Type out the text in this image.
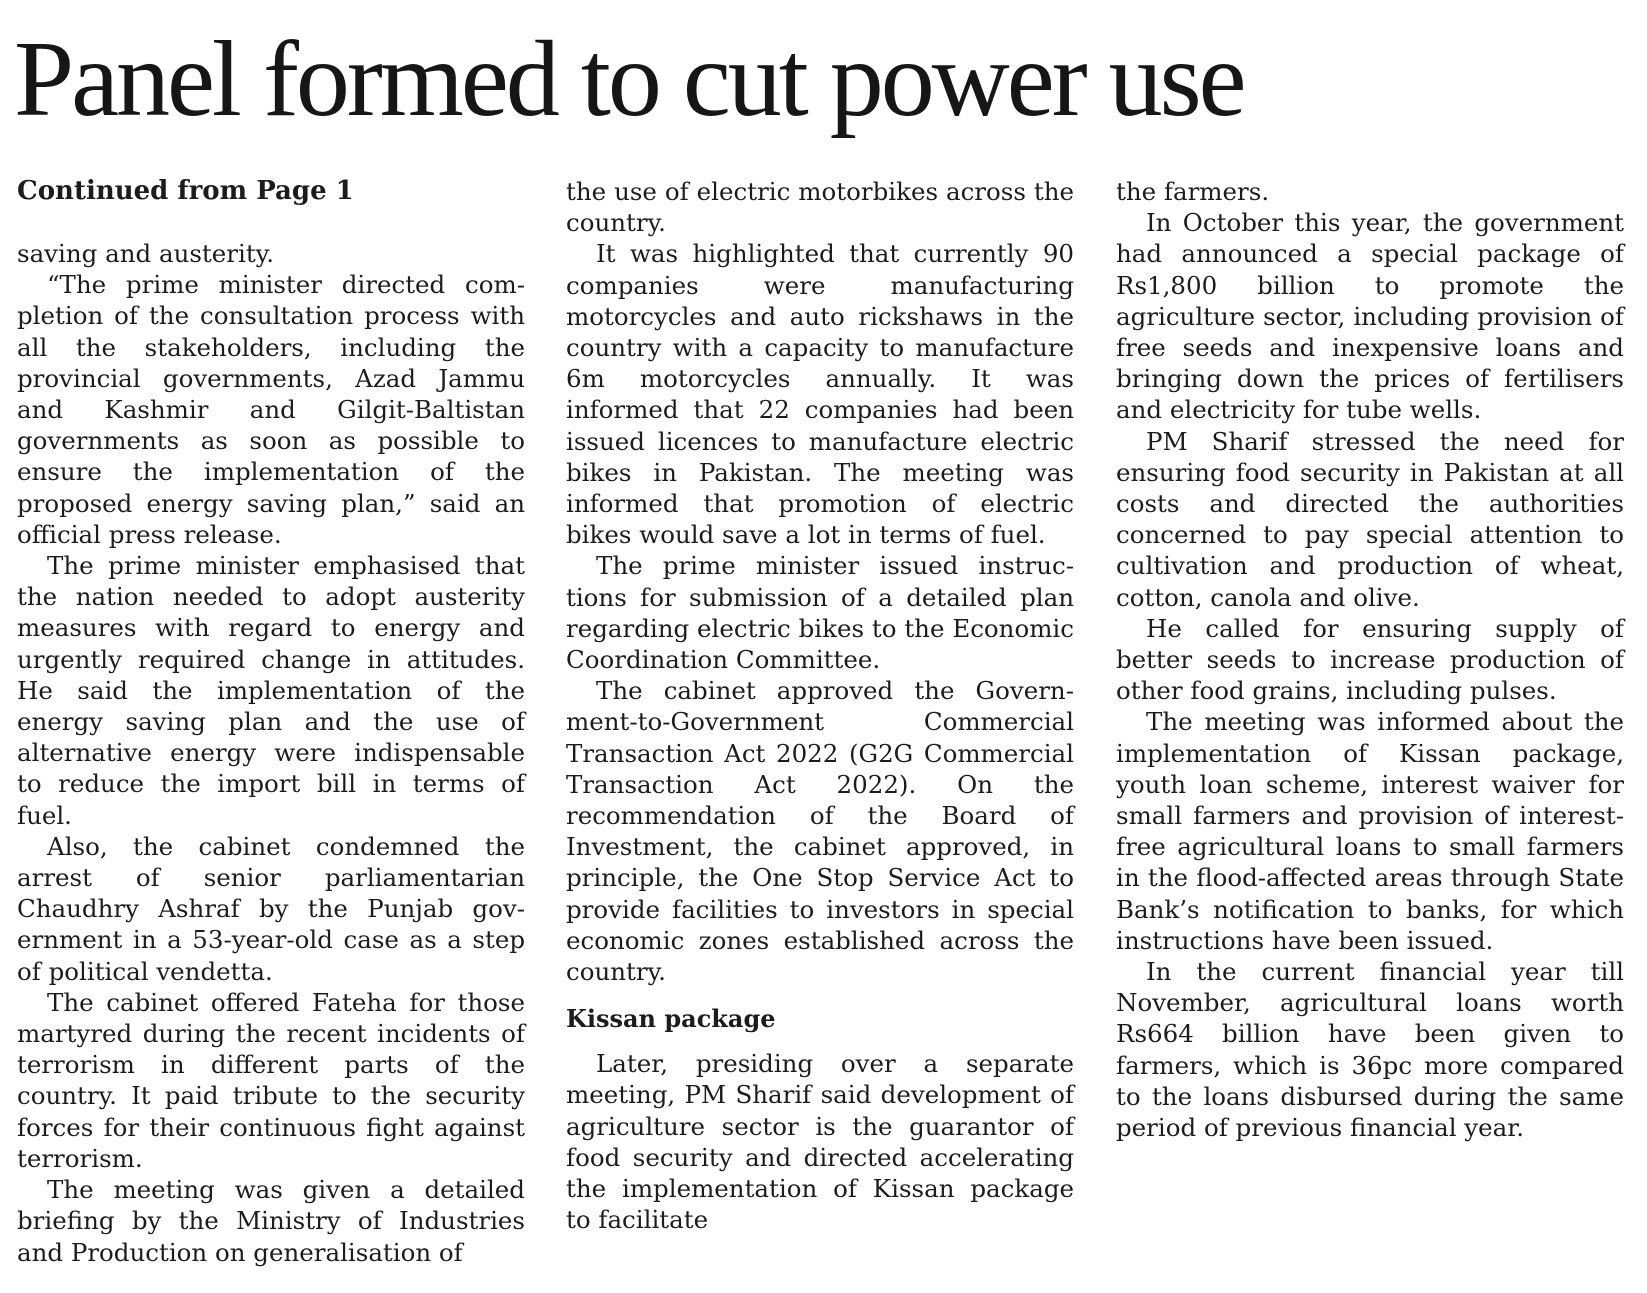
Panel formed to cut power use
Continued from Page 1

saving and austerity.

“The prime minister directed completion of the consultation process with all the stakeholders, including the provincial governments, Azad Jammu and Kashmir and Gilgit-Baltistan governments as soon as possible to ensure the implementation of the proposed energy saving plan,” said an official press release.

The prime minister emphasised that the nation needed to adopt austerity measures with regard to energy and urgently required change in attitudes. He said the implementation of the energy saving plan and the use of alternative energy were indispensable to reduce the import bill in terms of fuel.

Also, the cabinet condemned the arrest of senior parliamentarian Chaudhry Ashraf by the Punjab government in a 53-year-old case as a step of political vendetta.

The cabinet offered Fateha for those martyred during the recent incidents of terrorism in different parts of the country. It paid tribute to the security forces for their continuous fight against terrorism.

The meeting was given a detailed briefing by the Ministry of Industries and Production on generalisation of

the use of electric motorbikes across the country.

It was highlighted that currently 90 companies were manufacturing motorcycles and auto rickshaws in the country with a capacity to manufacture 6m motorcycles annually. It was informed that 22 companies had been issued licences to manufacture electric bikes in Pakistan. The meeting was informed that promotion of electric bikes would save a lot in terms of fuel.

The prime minister issued instructions for submission of a detailed plan regarding electric bikes to the Economic Coordination Committee.

The cabinet approved the Government-to-Government Commercial Transaction Act 2022 (G2G Commercial Transaction Act 2022). On the recommendation of the Board of Investment, the cabinet approved, in principle, the One Stop Service Act to provide facilities to investors in special economic zones established across the country.

Kissan package

Later, presiding over a separate meeting, PM Sharif said development of agriculture sector is the guarantor of food security and directed accelerating the implementation of Kissan package to facilitate

the farmers.

In October this year, the government had announced a special package of Rs1,800 billion to promote the agriculture sector, including provision of free seeds and inexpensive loans and bringing down the prices of fertilisers and electricity for tube wells.

PM Sharif stressed the need for ensuring food security in Pakistan at all costs and directed the authorities concerned to pay special attention to cultivation and production of wheat, cotton, canola and olive.

He called for ensuring supply of better seeds to increase production of other food grains, including pulses.

The meeting was informed about the implementation of Kissan package, youth loan scheme, interest waiver for small farmers and provision of interest-free agricultural loans to small farmers in the flood-affected areas through State Bank’s notification to banks, for which instructions have been issued.

In the current financial year till November, agricultural loans worth Rs664 billion have been given to farmers, which is 36pc more compared to the loans disbursed during the same period of previous financial year.
